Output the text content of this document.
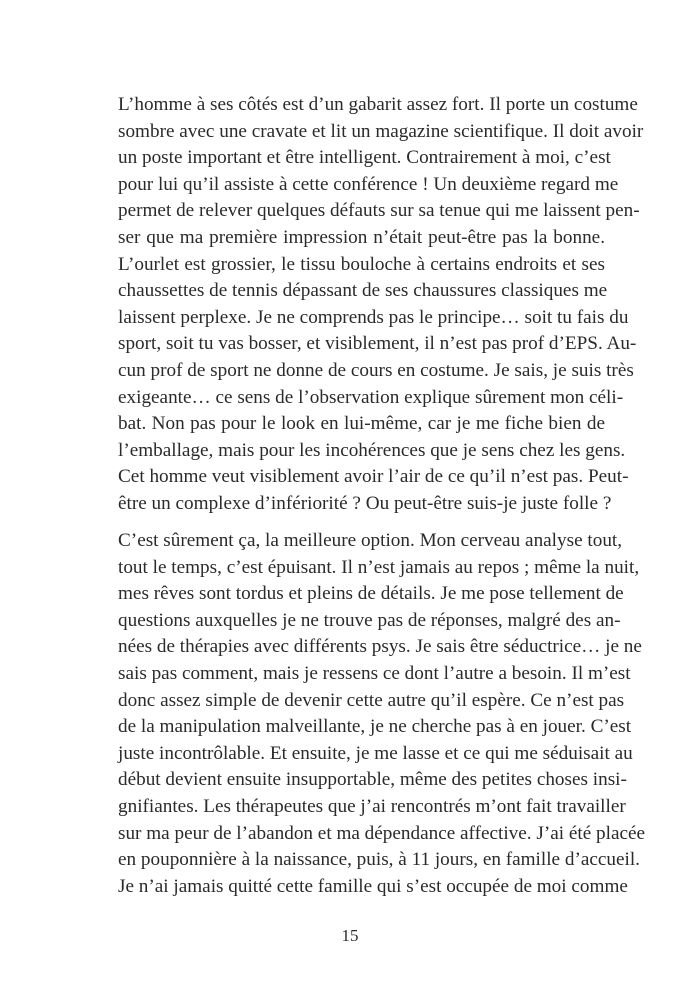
L’homme à ses côtés est d’un gabarit assez fort. Il porte un costume
sombre avec une cravate et lit un magazine scientifique. Il doit avoir
un poste important et être intelligent. Contrairement à moi, c’est
pour lui qu’il assiste à cette conférence ! Un deuxième regard me
permet de relever quelques défauts sur sa tenue qui me laissent pen-
ser que ma première impression n’était peut-être pas la bonne.
L’ourlet est grossier, le tissu bouloche à certains endroits et ses
chaussettes de tennis dépassant de ses chaussures classiques me
laissent perplexe. Je ne comprends pas le principe… soit tu fais du
sport, soit tu vas bosser, et visiblement, il n’est pas prof d’EPS. Au-
cun prof de sport ne donne de cours en costume. Je sais, je suis très
exigeante… ce sens de l’observation explique sûrement mon céli-
bat. Non pas pour le look en lui-même, car je me fiche bien de
l’emballage, mais pour les incohérences que je sens chez les gens.
Cet homme veut visiblement avoir l’air de ce qu’il n’est pas. Peut-
être un complexe d’infériorité ? Ou peut-être suis-je juste folle ?
C’est sûrement ça, la meilleure option. Mon cerveau analyse tout,
tout le temps, c’est épuisant. Il n’est jamais au repos ; même la nuit,
mes rêves sont tordus et pleins de détails. Je me pose tellement de
questions auxquelles je ne trouve pas de réponses, malgré des an-
nées de thérapies avec différents psys. Je sais être séductrice… je ne
sais pas comment, mais je ressens ce dont l’autre a besoin. Il m’est
donc assez simple de devenir cette autre qu’il espère. Ce n’est pas
de la manipulation malveillante, je ne cherche pas à en jouer. C’est
juste incontrôlable. Et ensuite, je me lasse et ce qui me séduisait au
début devient ensuite insupportable, même des petites choses insi-
gnifiantes. Les thérapeutes que j’ai rencontrés m’ont fait travailler
sur ma peur de l’abandon et ma dépendance affective. J’ai été placée
en pouponnière à la naissance, puis, à 11 jours, en famille d’accueil.
Je n’ai jamais quitté cette famille qui s’est occupée de moi comme
15
